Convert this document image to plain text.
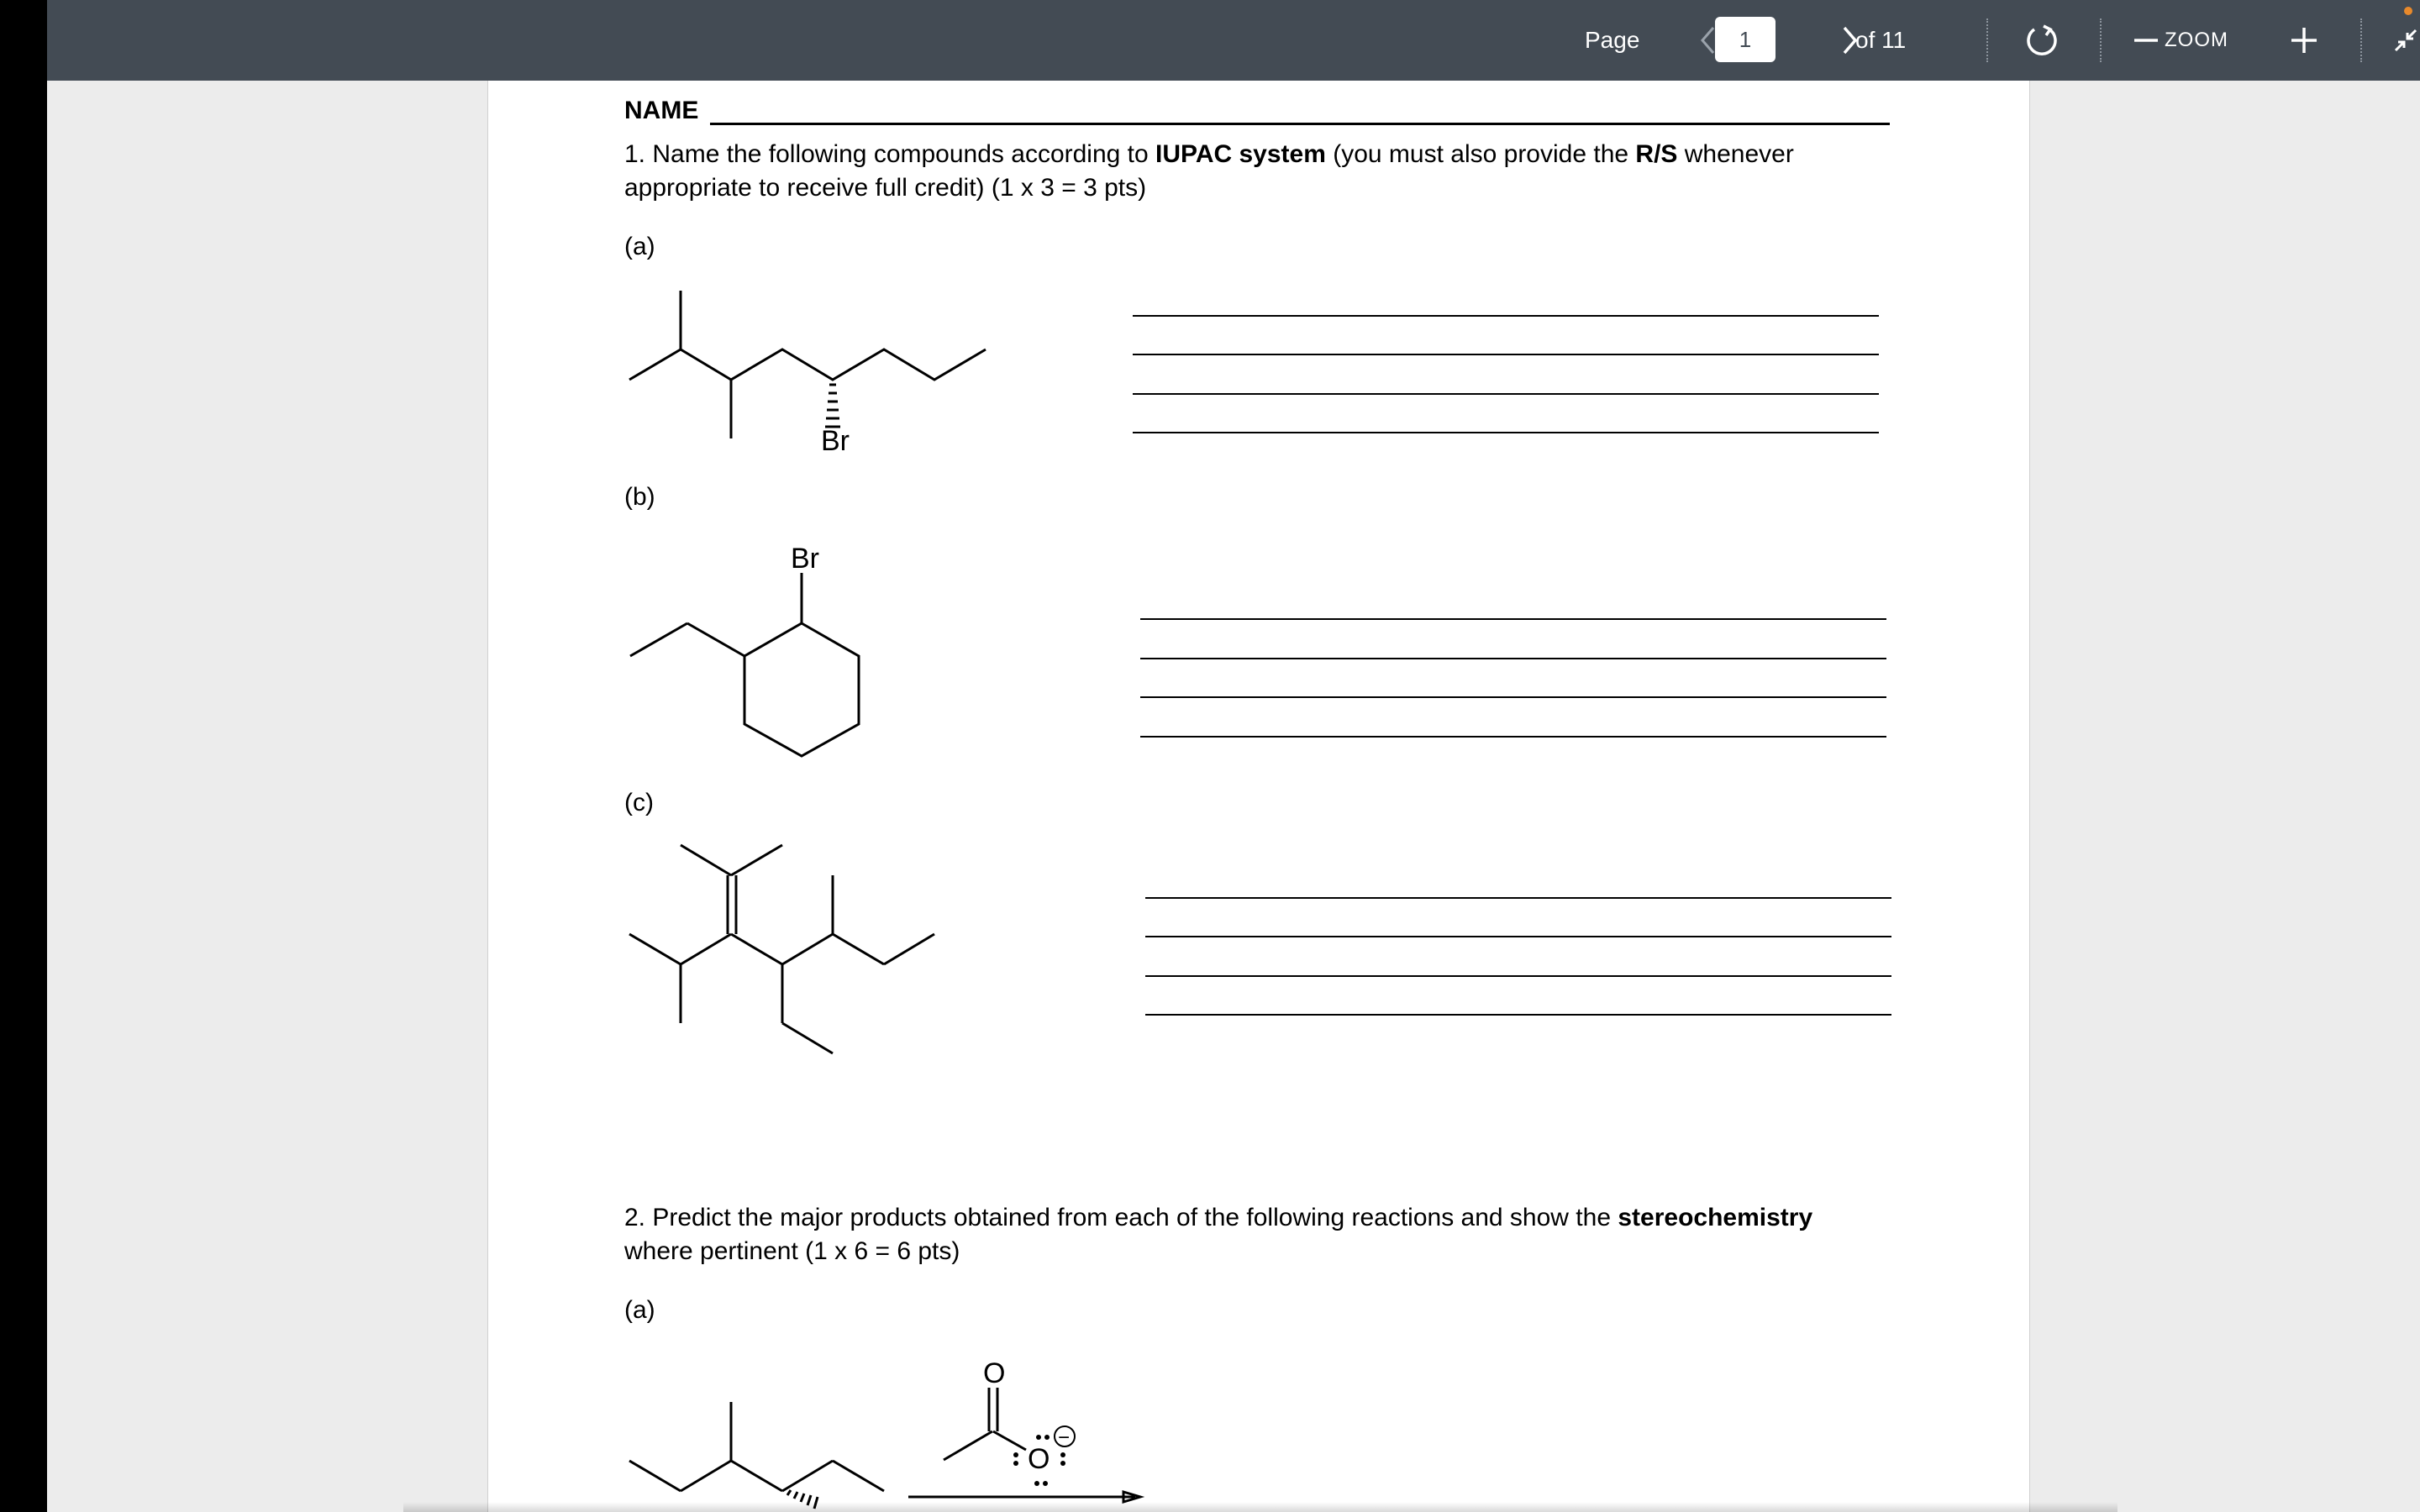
Page	1	of 11	ZOOM
NAME
1. Name the following compounds according to IUPAC system (you must also provide the R/S whenever
appropriate to receive full credit) (1 x 3 = 3 pts)
(a)
Br
(b)
Br
(c)
2. Predict the major products obtained from each of the following reactions and show the stereochemistry
where pertinent (1 x 6 = 6 pts)
(a)
O
O
−
